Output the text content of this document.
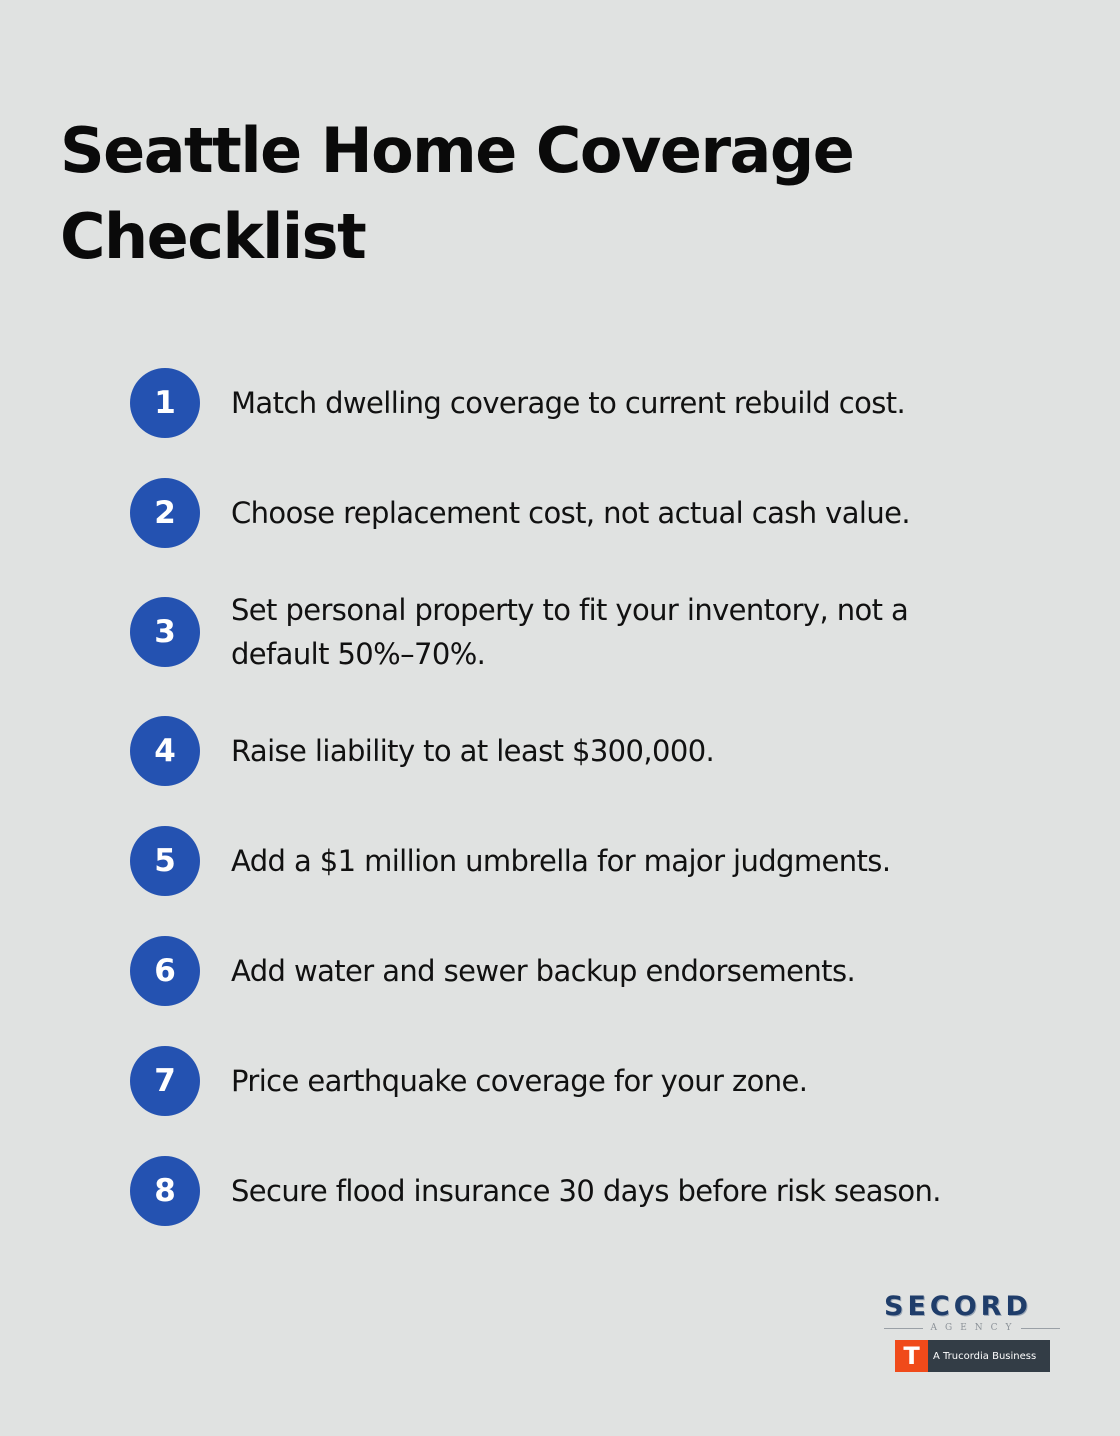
Seattle Home Coverage Checklist
1	Match dwelling coverage to current rebuild cost.
2	Choose replacement cost, not actual cash value.
3
Set personal property to fit your inventory, not a default 50%–70%.
4	Raise liability to at least $300,000.
5	Add a $1 million umbrella for major judgments.
6	Add water and sewer backup endorsements.
7	Price earthquake coverage for your zone.
8	Secure flood insurance 30 days before risk season.
SECORD
AGENCY
T	A Trucordia Business
